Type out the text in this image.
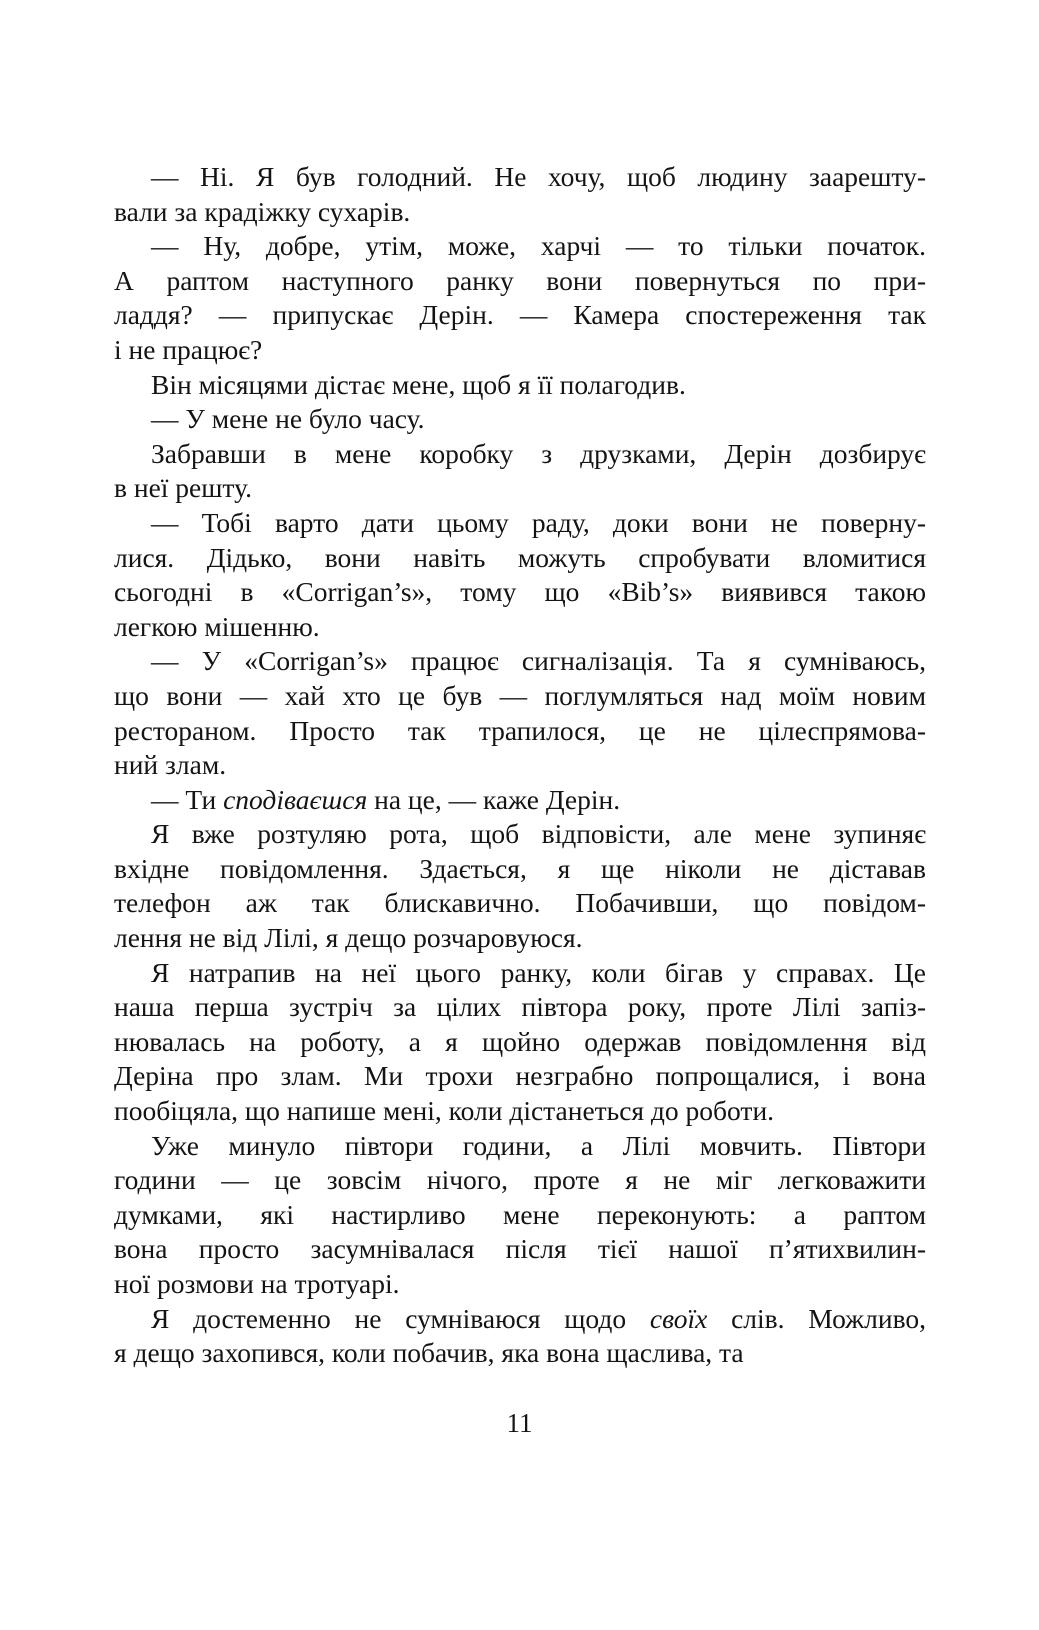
— Ні. Я був голодний. Не хочу, щоб людину заарешту-
вали за крадіжку сухарів.
— Ну, добре, утім, може, харчі — то тільки початок.
А раптом наступного ранку вони повернуться по при-
ладдя? — припускає Дерін. — Камера спостереження так
і не працює?
Він місяцями дістає мене, щоб я її полагодив.
— У мене не було часу.
Забравши в мене коробку з друзками, Дерін дозбирує
в неї решту.
— Тобі варто дати цьому раду, доки вони не поверну-
лися. Дідько, вони навіть можуть спробувати вломитися
сьогодні в «Corrigan’s», тому що «Bib’s» виявився такою
легкою мішенню.
— У «Corrigan’s» працює сигналізація. Та я сумніваюсь,
що вони — хай хто це був — поглумляться над моїм новим
рестораном. Просто так трапилося, це не цілеспрямова-
ний злам.
— Ти сподіваєшся на це, — каже Дерін.
Я вже розтуляю рота, щоб відповісти, але мене зупиняє
вхідне повідомлення. Здається, я ще ніколи не діставав
телефон аж так блискавично. Побачивши, що повідом-
лення не від Лілі, я дещо розчаровуюся.
Я натрапив на неї цього ранку, коли бігав у справах. Це
наша перша зустріч за цілих півтора року, проте Лілі запіз-
нювалась на роботу, а я щойно одержав повідомлення від
Деріна про злам. Ми трохи незграбно попрощалися, і вона
пообіцяла, що напише мені, коли дістанеться до роботи.
Уже минуло півтори години, а Лілі мовчить. Півтори
години — це зовсім нічого, проте я не міг легковажити
думками, які настирливо мене переконують: а раптом
вона просто засумнівалася після тієї нашої п’ятихвилин-
ної розмови на тротуарі.
Я достеменно не сумніваюся щодо своїх слів. Можливо,
я дещо захопився, коли побачив, яка вона щаслива, та
11
